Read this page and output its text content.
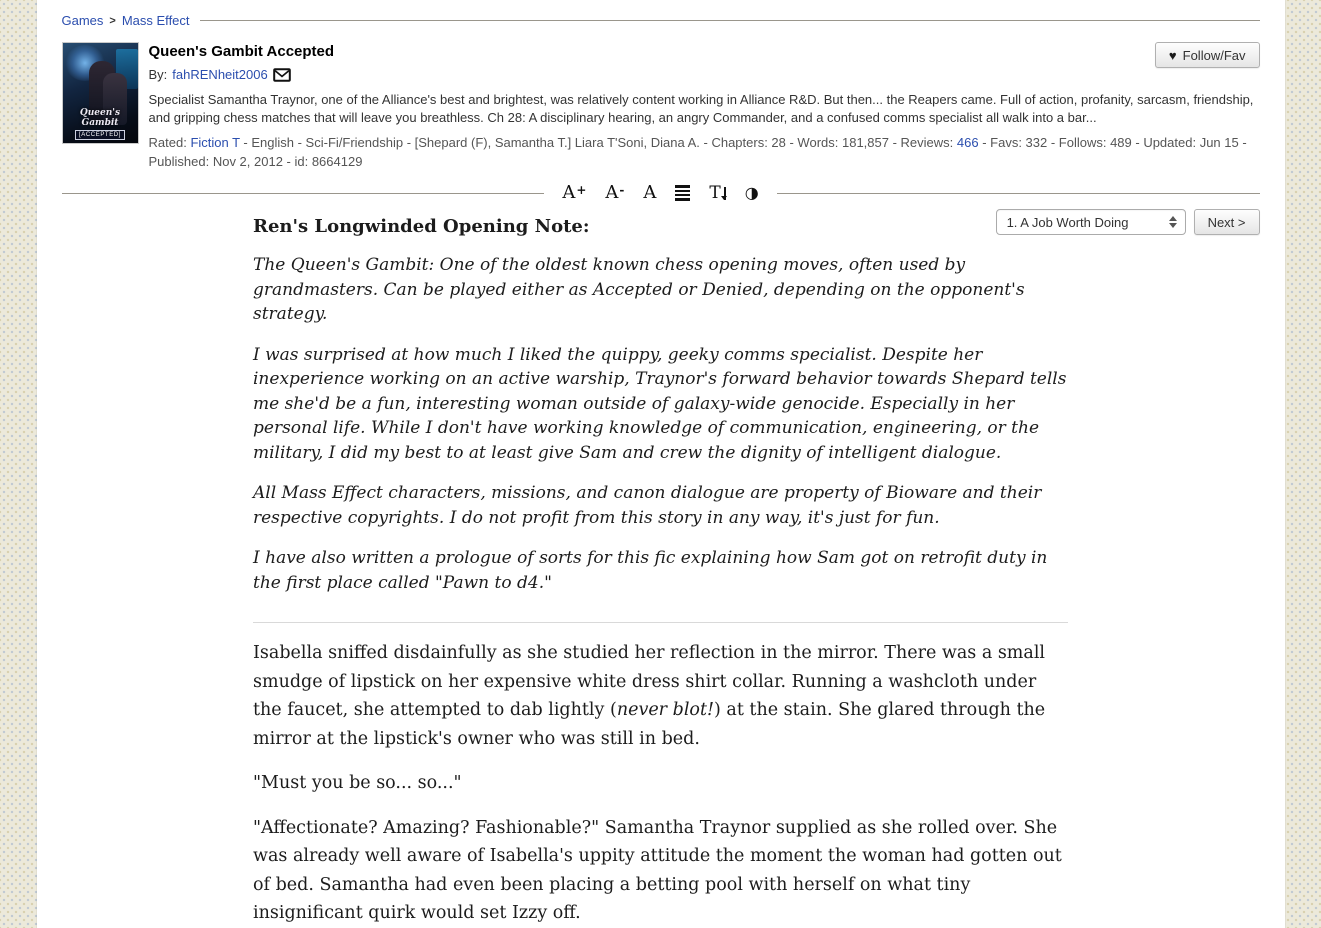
Games > Mass Effect
Queen's Gambit
[ACCEPTED]
♥ Follow/Fav
Queen's Gambit Accepted
By: fahRENheit2006
Specialist Samantha Traynor, one of the Alliance's best and brightest, was relatively content working in Alliance R&D. But then... the Reapers came. Full of action, profanity, sarcasm, friendship, and gripping chess matches that will leave you breathless. Ch 28: A disciplinary hearing, an angry Commander, and a confused comms specialist all walk into a bar...
Rated: Fiction T - English - Sci-Fi/Friendship - [Shepard (F), Samantha T.] Liara T'Soni, Diana A. - Chapters: 28 - Words: 181,857 - Reviews: 466 - Favs: 332 - Follows: 489 - Updated: Jun 15 - Published: Nov 2, 2012 - id: 8664129
A + A - A	T ◑
1. A Job Worth Doing	Next >
Ren's Longwinded Opening Note:

The Queen's Gambit: One of the oldest known chess opening moves, often used by grandmasters. Can be played either as Accepted or Denied, depending on the opponent's strategy.

I was surprised at how much I liked the quippy, geeky comms specialist. Despite her inexperience working on an active warship, Traynor's forward behavior towards Shepard tells me she'd be a fun, interesting woman outside of galaxy-wide genocide. Especially in her personal life. While I don't have working knowledge of communication, engineering, or the military, I did my best to at least give Sam and crew the dignity of intelligent dialogue.

All Mass Effect characters, missions, and canon dialogue are property of Bioware and their respective copyrights. I do not profit from this story in any way, it's just for fun.

I have also written a prologue of sorts for this fic explaining how Sam got on retrofit duty in the first place called "Pawn to d4."

Isabella sniffed disdainfully as she studied her reflection in the mirror. There was a small smudge of lipstick on her expensive white dress shirt collar. Running a washcloth under the faucet, she attempted to dab lightly (never blot!) at the stain. She glared through the mirror at the lipstick's owner who was still in bed.

"Must you be so... so..."

"Affectionate? Amazing? Fashionable?" Samantha Traynor supplied as she rolled over. She was already well aware of Isabella's uppity attitude the moment the woman had gotten out of bed. Samantha had even been placing a betting pool with herself on what tiny insignificant quirk would set Izzy off.
